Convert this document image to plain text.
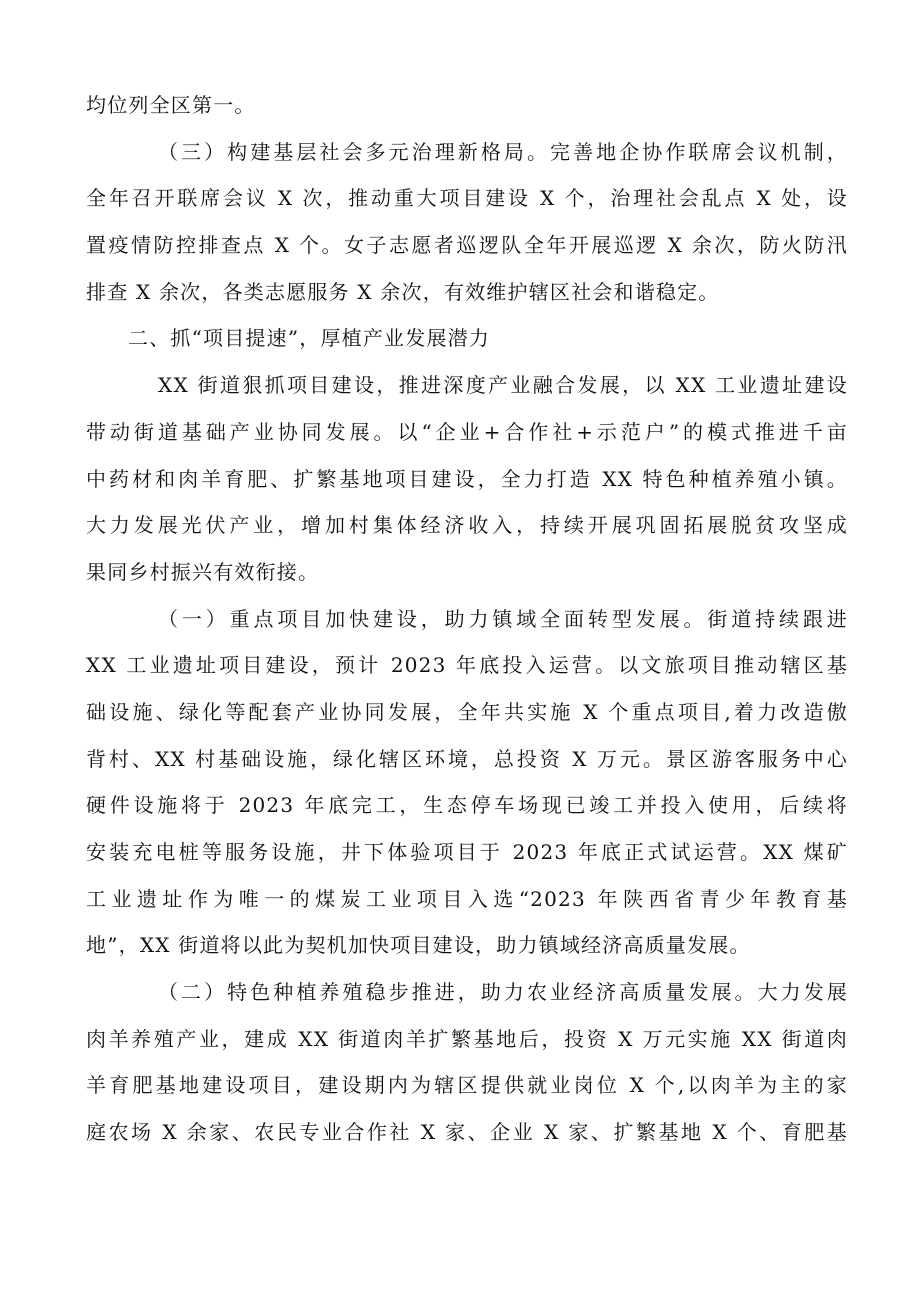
均位列全区第一。
（三）构建基层社会多元治理新格局。完善地企协作联席会议机制，
全年召开联席会议 X 次，推动重大项目建设 X 个，治理社会乱点 X 处，设
置疫情防控排查点 X 个。女子志愿者巡逻队全年开展巡逻 X 余次，防火防汛
排查 X 余次，各类志愿服务 X 余次，有效维护辖区社会和谐稳定。
二、抓“项目提速”，厚植产业发展潜力
XX 街道狠抓项目建设，推进深度产业融合发展，以 XX 工业遗址建设
带动街道基础产业协同发展。以“企业+合作社+示范户”的模式推进千亩
中药材和肉羊育肥、扩繁基地项目建设，全力打造 XX 特色种植养殖小镇。
大力发展光伏产业，增加村集体经济收入，持续开展巩固拓展脱贫攻坚成
果同乡村振兴有效衔接。
（一）重点项目加快建设，助力镇域全面转型发展。街道持续跟进
XX 工业遗址项目建设，预计 2023 年底投入运营。以文旅项目推动辖区基
础设施、绿化等配套产业协同发展，全年共实施 X 个重点项目,着力改造傲
背村、XX 村基础设施，绿化辖区环境，总投资 X 万元。景区游客服务中心
硬件设施将于 2023 年底完工，生态停车场现已竣工并投入使用，后续将
安装充电桩等服务设施，井下体验项目于 2023 年底正式试运营。XX 煤矿
工业遗址作为唯一的煤炭工业项目入选“2023 年陕西省青少年教育基
地”，XX 街道将以此为契机加快项目建设，助力镇域经济高质量发展。
（二）特色种植养殖稳步推进，助力农业经济高质量发展。大力发展
肉羊养殖产业，建成 XX 街道肉羊扩繁基地后，投资 X 万元实施 XX 街道肉
羊育肥基地建设项目，建设期内为辖区提供就业岗位 X 个,以肉羊为主的家
庭农场 X 余家、农民专业合作社 X 家、企业 X 家、扩繁基地 X 个、育肥基
